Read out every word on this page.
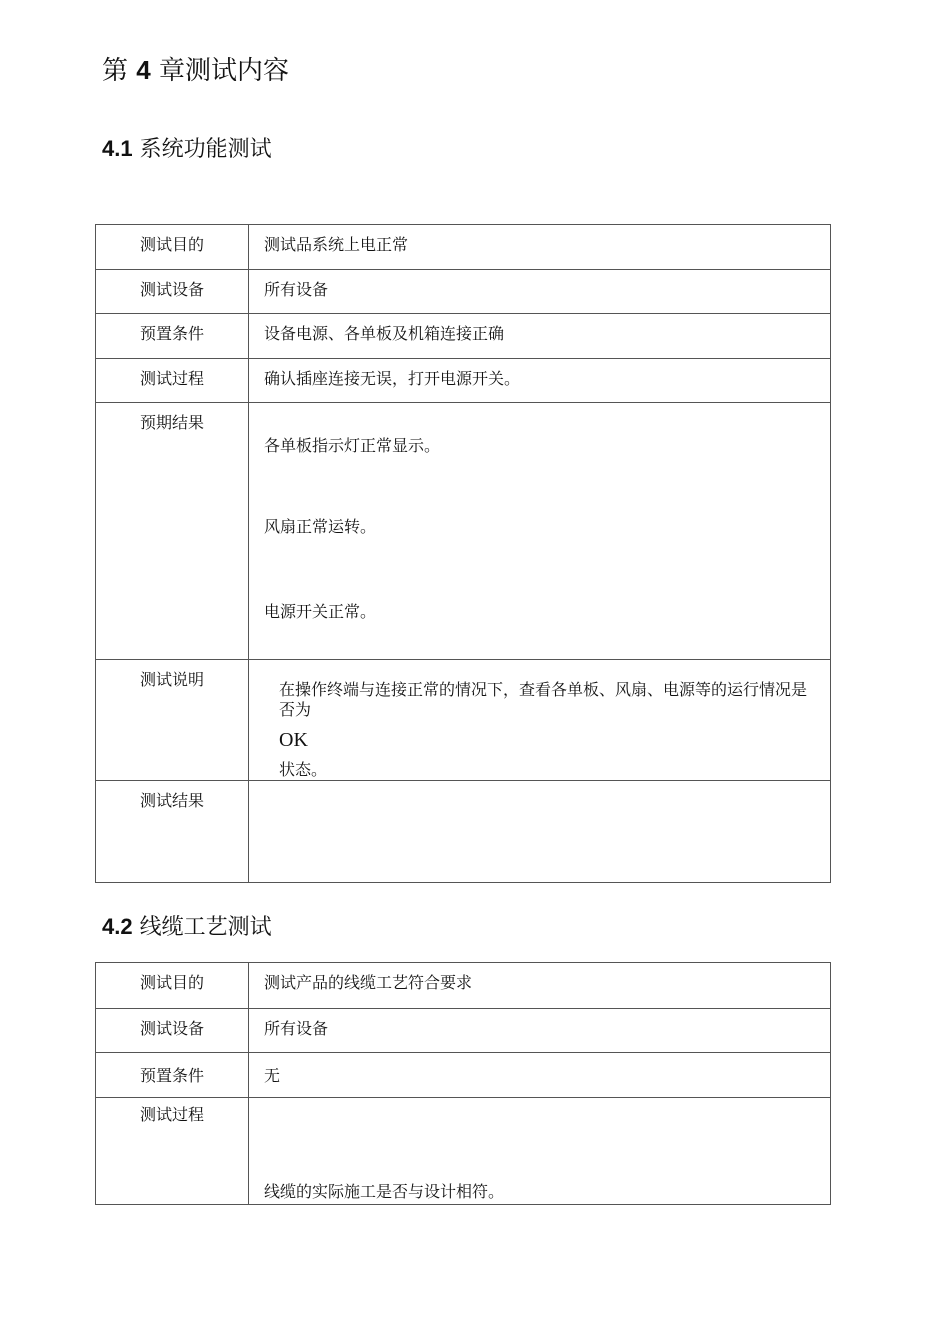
第 4 章测试内容
4.1 系统功能测试
测试目的	测试品系统上电正常

测试设备	所有设备

预置条件	设备电源、各单板及机箱连接正确

测试过程	确认插座连接无误，打开电源开关。

预期结果	各单板指示灯正常显示。

风扇正常运转。

电源开关正常。

测试说明	在操作终端与连接正常的情况下，查看各单板、风扇、电源等的运行情况是否为
OK
状态。

测试结果	

4.2 线缆工艺测试
测试目的	测试产品的线缆工艺符合要求

测试设备	所有设备

预置条件	无

测试过程	线缆的实际施工是否与设计相符。
